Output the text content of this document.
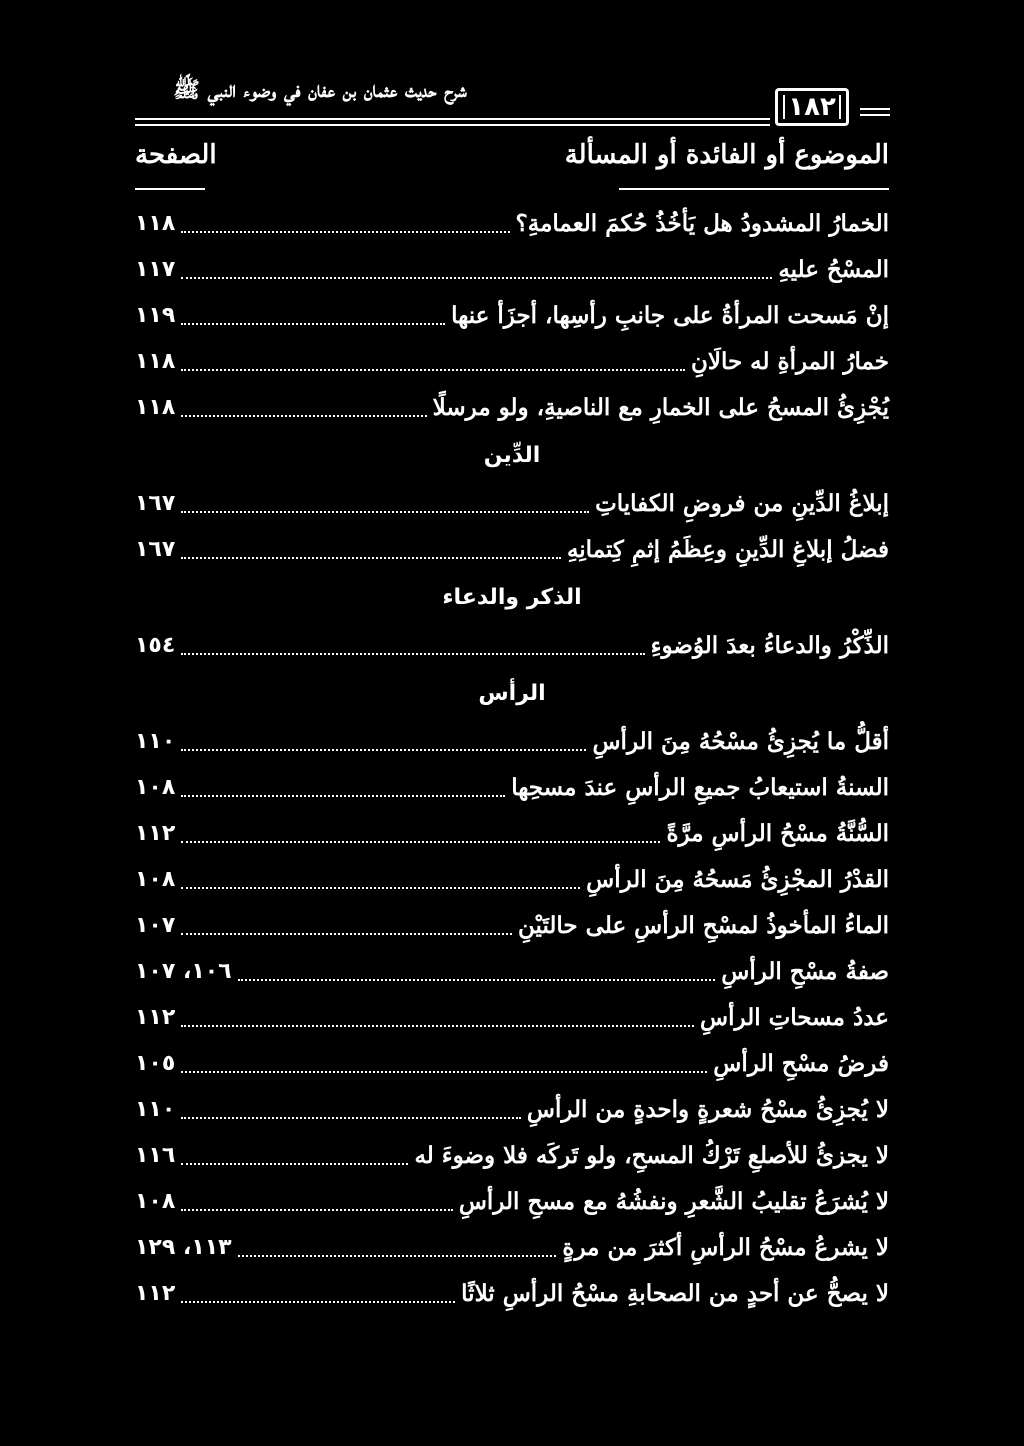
شرح حديث عثمان بن عفان في وضوء النبي ﷺ
١٨٢
الموضوع أو الفائدة أو المسألة
الصفحة
الخمارُ المشدودُ هل يَأخُذُ حُكمَ العمامةِ؟
١١٨
المسْحُ عليهِ
١١٧
إنْ مَسحت المرأةُ على جانبِ رأسِها، أجزَأ عنها
١١٩
خمارُ المرأةِ له حالَانِ
١١٨
يُجْزِئُ المسحُ على الخمارِ مع الناصيةِ، ولو مرسلًا
١١٨
الدِّين
إبلاغُ الدِّينِ من فروضِ الكفاياتِ
١٦٧
فضلُ إبلاغِ الدِّينِ وعِظَمُ إثمِ كِتمانِهِ
١٦٧
الذكر والدعاء
الذِّكْرُ والدعاءُ بعدَ الوُضوءِ
١٥٤
الرأس
أقلُّ ما يُجزِئُ مسْحُهُ مِنَ الرأسِ
١١٠
السنةُ استيعابُ جميعِ الرأسِ عندَ مسحِها
١٠٨
السُّنَّةُ مسْحُ الرأسِ مرَّةً
١١٢
القدْرُ المجْزِئُ مَسحُهُ مِنَ الرأسِ
١٠٨
الماءُ المأخوذُ لمسْحِ الرأسِ على حالتَيْنِ
١٠٧
صفةُ مسْحِ الرأسِ
١٠٦، ١٠٧
عددُ مسحاتِ الرأسِ
١١٢
فرضُ مسْحِ الرأسِ
١٠٥
لا يُجزِئُ مسْحُ شعرةٍ واحدةٍ من الرأسِ
١١٠
لا يجزئُ للأصلعِ تَرْكُ المسحِ، ولو تَركَه فلا وضوءَ له
١١٦
لا يُشرَعُ تقليبُ الشَّعرِ ونفشُهُ مع مسحِ الرأسِ
١٠٨
لا يشرعُ مسْحُ الرأسِ أكثرَ من مرةٍ
١١٣، ١٢٩
لا يصحُّ عن أحدٍ من الصحابةِ مسْحُ الرأسِ ثلاثًا
١١٢
